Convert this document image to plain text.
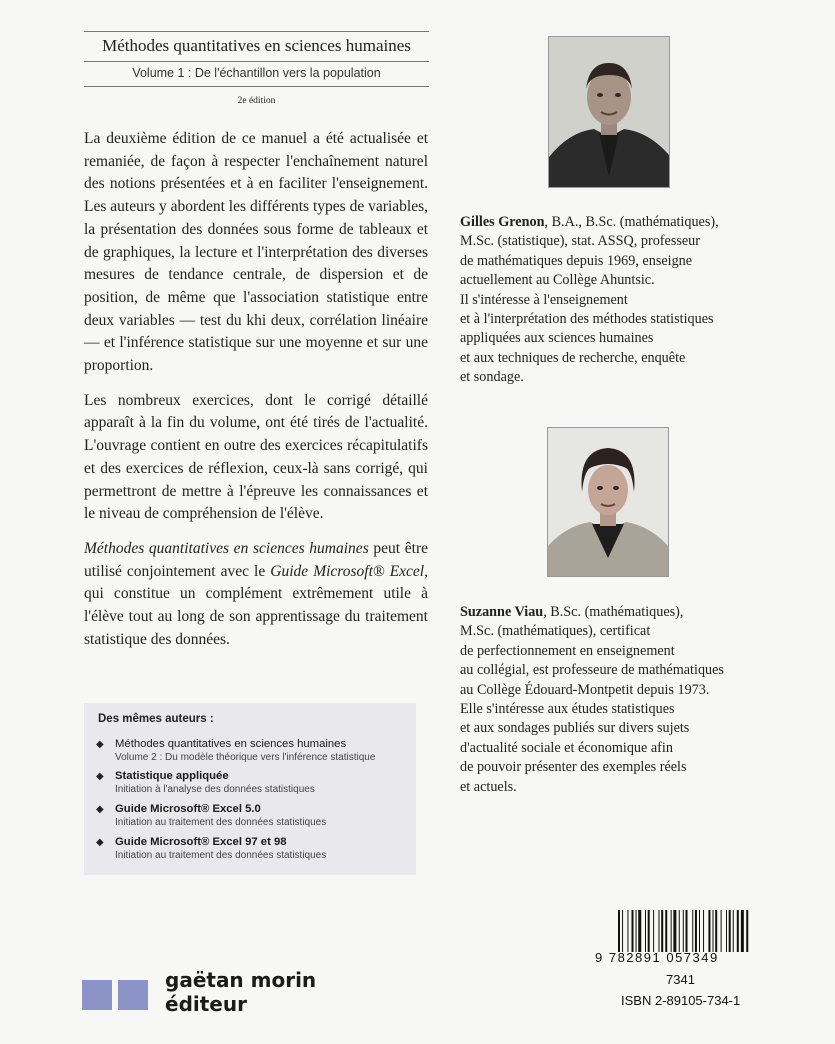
Méthodes quantitatives en sciences humaines
Volume 1 : De l'échantillon vers la population
2e édition

La deuxième édition de ce manuel a été actualisée et remaniée, de façon à respecter l'enchaînement naturel des notions présentées et à en faciliter l'enseignement. Les auteurs y abordent les différents types de variables, la présentation des données sous forme de tableaux et de graphiques, la lecture et l'interprétation des diverses mesures de tendance centrale, de dispersion et de position, de même que l'association statistique entre deux variables — test du khi deux, corrélation linéaire — et l'inférence statistique sur une moyenne et sur une proportion.

Les nombreux exercices, dont le corrigé détaillé apparaît à la fin du volume, ont été tirés de l'actualité. L'ouvrage contient en outre des exercices récapitulatifs et des exercices de réflexion, ceux-là sans corrigé, qui permettront de mettre à l'épreuve les connaissances et le niveau de compréhension de l'élève.

Méthodes quantitatives en sciences humaines peut être utilisé conjointement avec le Guide Microsoft® Excel, qui constitue un complément extrêmement utile à l'élève tout au long de son apprentissage du traitement statistique des données.

Gilles Grenon, B.A., B.Sc. (mathématiques),
M.Sc. (statistique), stat. ASSQ, professeur
de mathématiques depuis 1969, enseigne
actuellement au Collège Ahuntsic.
Il s'intéresse à l'enseignement
et à l'interprétation des méthodes statistiques
appliquées aux sciences humaines
et aux techniques de recherche, enquête
et sondage.
Suzanne Viau, B.Sc. (mathématiques),
M.Sc. (mathématiques), certificat
de perfectionnement en enseignement
au collégial, est professeure de mathématiques
au Collège Édouard-Montpetit depuis 1973.
Elle s'intéresse aux études statistiques
et aux sondages publiés sur divers sujets
d'actualité sociale et économique afin
de pouvoir présenter des exemples réels
et actuels.
Des mêmes auteurs :
◆ Méthodes quantitatives en sciences humaines
Volume 2 : Du modèle théorique vers l'inférence statistique
◆ Statistique appliquée
Initiation à l'analyse des données statistiques
◆ Guide Microsoft® Excel 5.0
Initiation au traitement des données statistiques
◆ Guide Microsoft® Excel 97 et 98
Initiation au traitement des données statistiques
gaëtan morin
éditeur
9 782891 057349
7341
ISBN 2-89105-734-1
